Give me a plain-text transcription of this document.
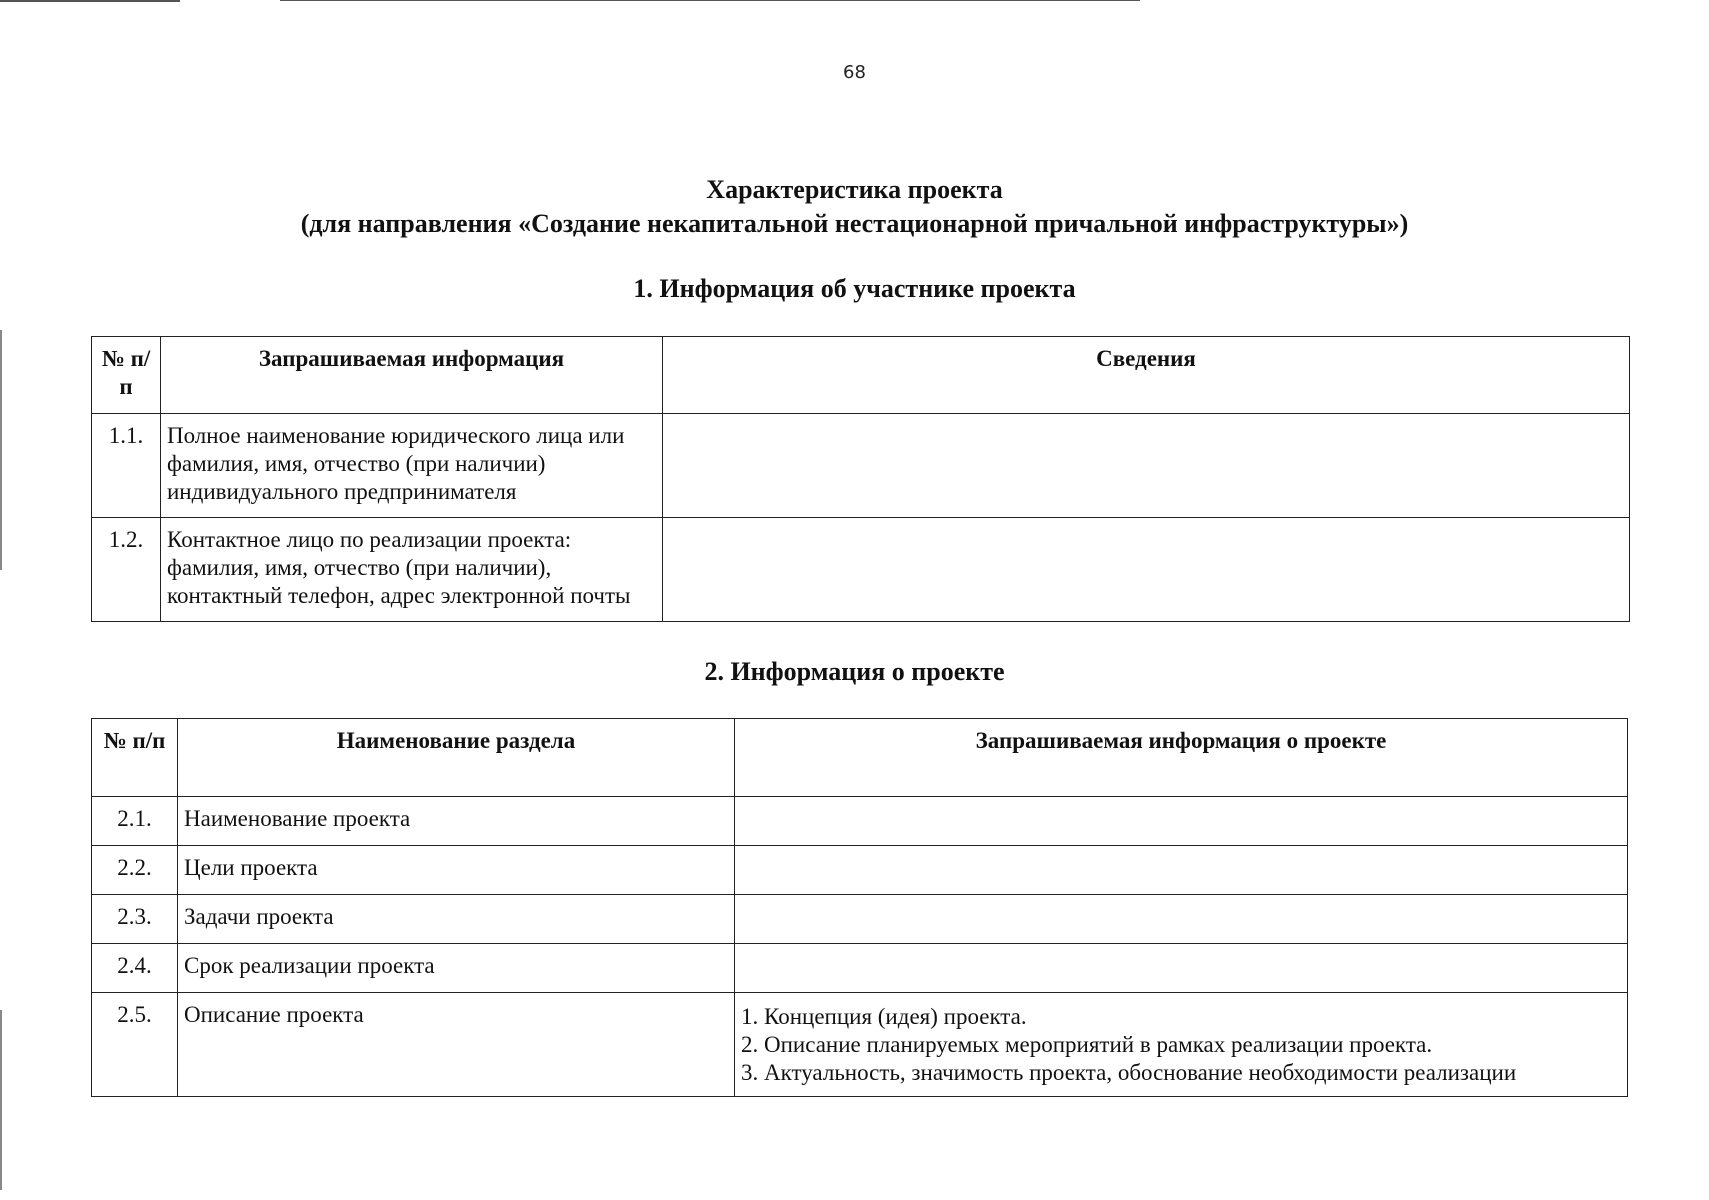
68
Характеристика проекта
(для направления «Создание некапитальной нестационарной причальной инфраструктуры»)
1. Информация об участнике проекта
№ п/п	Запрашиваемая информация	Сведения
1.1.	Полное наименование юридического лица или фамилия, имя, отчество (при наличии) индивидуального предпринимателя	
1.2.	Контактное лицо по реализации проекта: фамилия, имя, отчество (при наличии), контактный телефон, адрес электронной почты	
2. Информация о проекте
№ п/п	Наименование раздела	Запрашиваемая информация о проекте
2.1.	Наименование проекта	
2.2.	Цели проекта	
2.3.	Задачи проекта	
2.4.	Срок реализации проекта	
2.5.	Описание проекта	1. Концепция (идея) проекта.
2. Описание планируемых мероприятий в рамках реализации проекта.
3. Актуальность, значимость проекта, обоснование необходимости реализации
